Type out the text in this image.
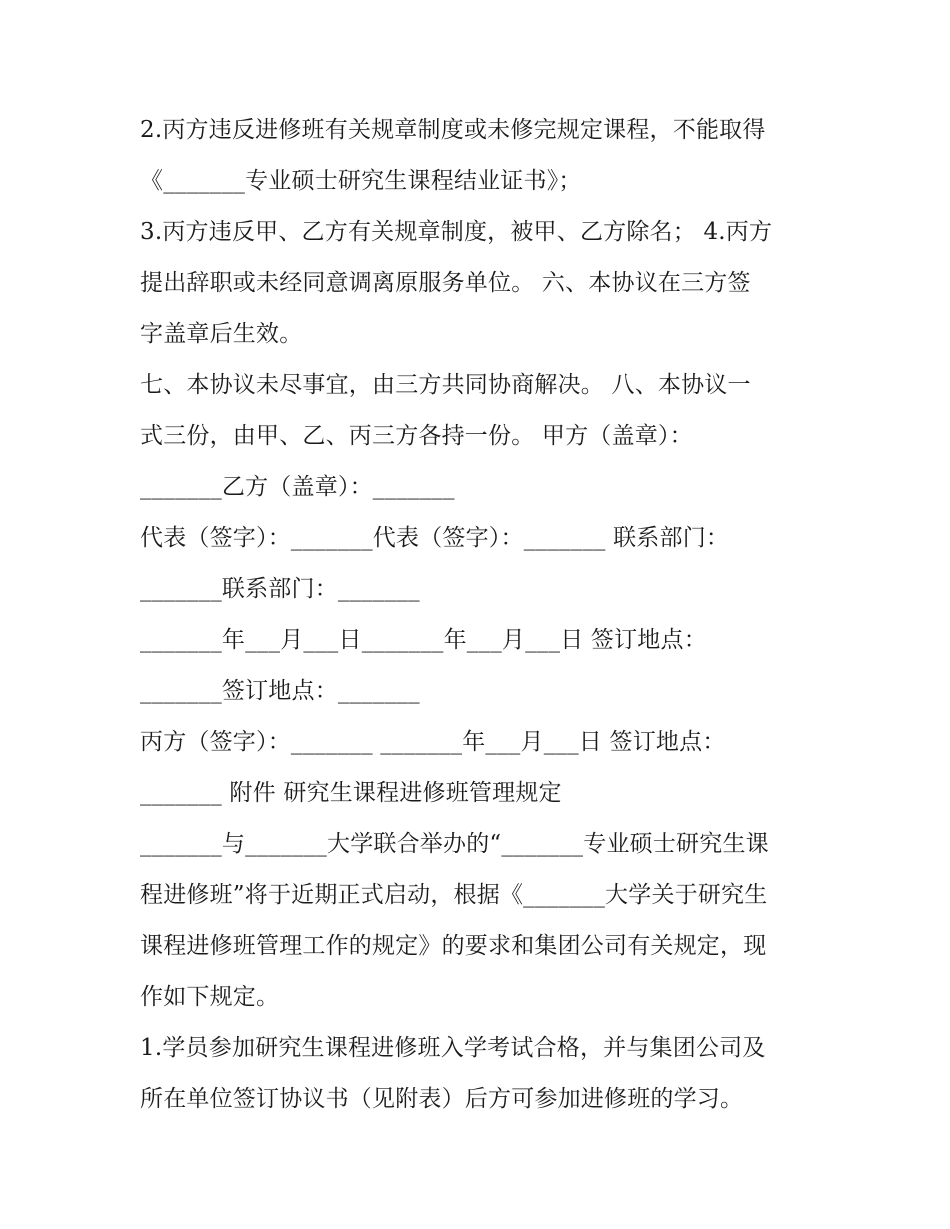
2.丙方违反进修班有关规章制度或未修完规定课程，不能取得
《_______专业硕士研究生课程结业证书》；
3.丙方违反甲、乙方有关规章制度，被甲、乙方除名； 4.丙方
提出辞职或未经同意调离原服务单位。 六、本协议在三方签
字盖章后生效。
七、本协议未尽事宜，由三方共同协商解决。 八、本协议一
式三份，由甲、乙、丙三方各持一份。 甲方（盖章）：
_______乙方（盖章）：_______
代表（签字）：_______代表（签字）：_______ 联系部门：
_______联系部门：_______
_______年___月___日_______年___月___日 签订地点：
_______签订地点：_______
丙方（签字）：_______ _______年___月___日 签订地点：
_______ 附件 研究生课程进修班管理规定
_______与_______大学联合举办的“_______专业硕士研究生课
程进修班”将于近期正式启动，根据《_______大学关于研究生
课程进修班管理工作的规定》的要求和集团公司有关规定，现
作如下规定。
1.学员参加研究生课程进修班入学考试合格，并与集团公司及
所在单位签订协议书（见附表）后方可参加进修班的学习。
